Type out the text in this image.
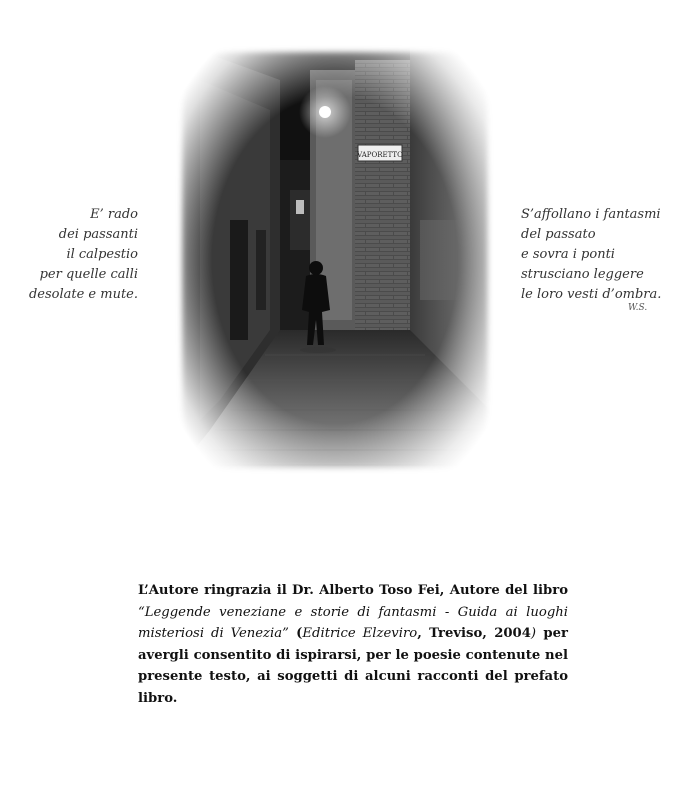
E’ rado
dei passanti
il calpestio
per quelle calli
desolate e mute.
S’affollano i fantasmi
del passato
e sovra i ponti
strusciano leggere
le loro vesti d’ombra.
W.S.
L’Autore ringrazia il Dr. Alberto Toso Fei, Autore del libro “Leggende veneziane e storie di fantasmi - Guida ai luoghi misteriosi di Venezia” (Editrice Elzeviro, Treviso, 2004) per avergli consentito di ispirarsi, per le poesie contenute nel presente testo, ai soggetti di alcuni racconti del prefato libro.
